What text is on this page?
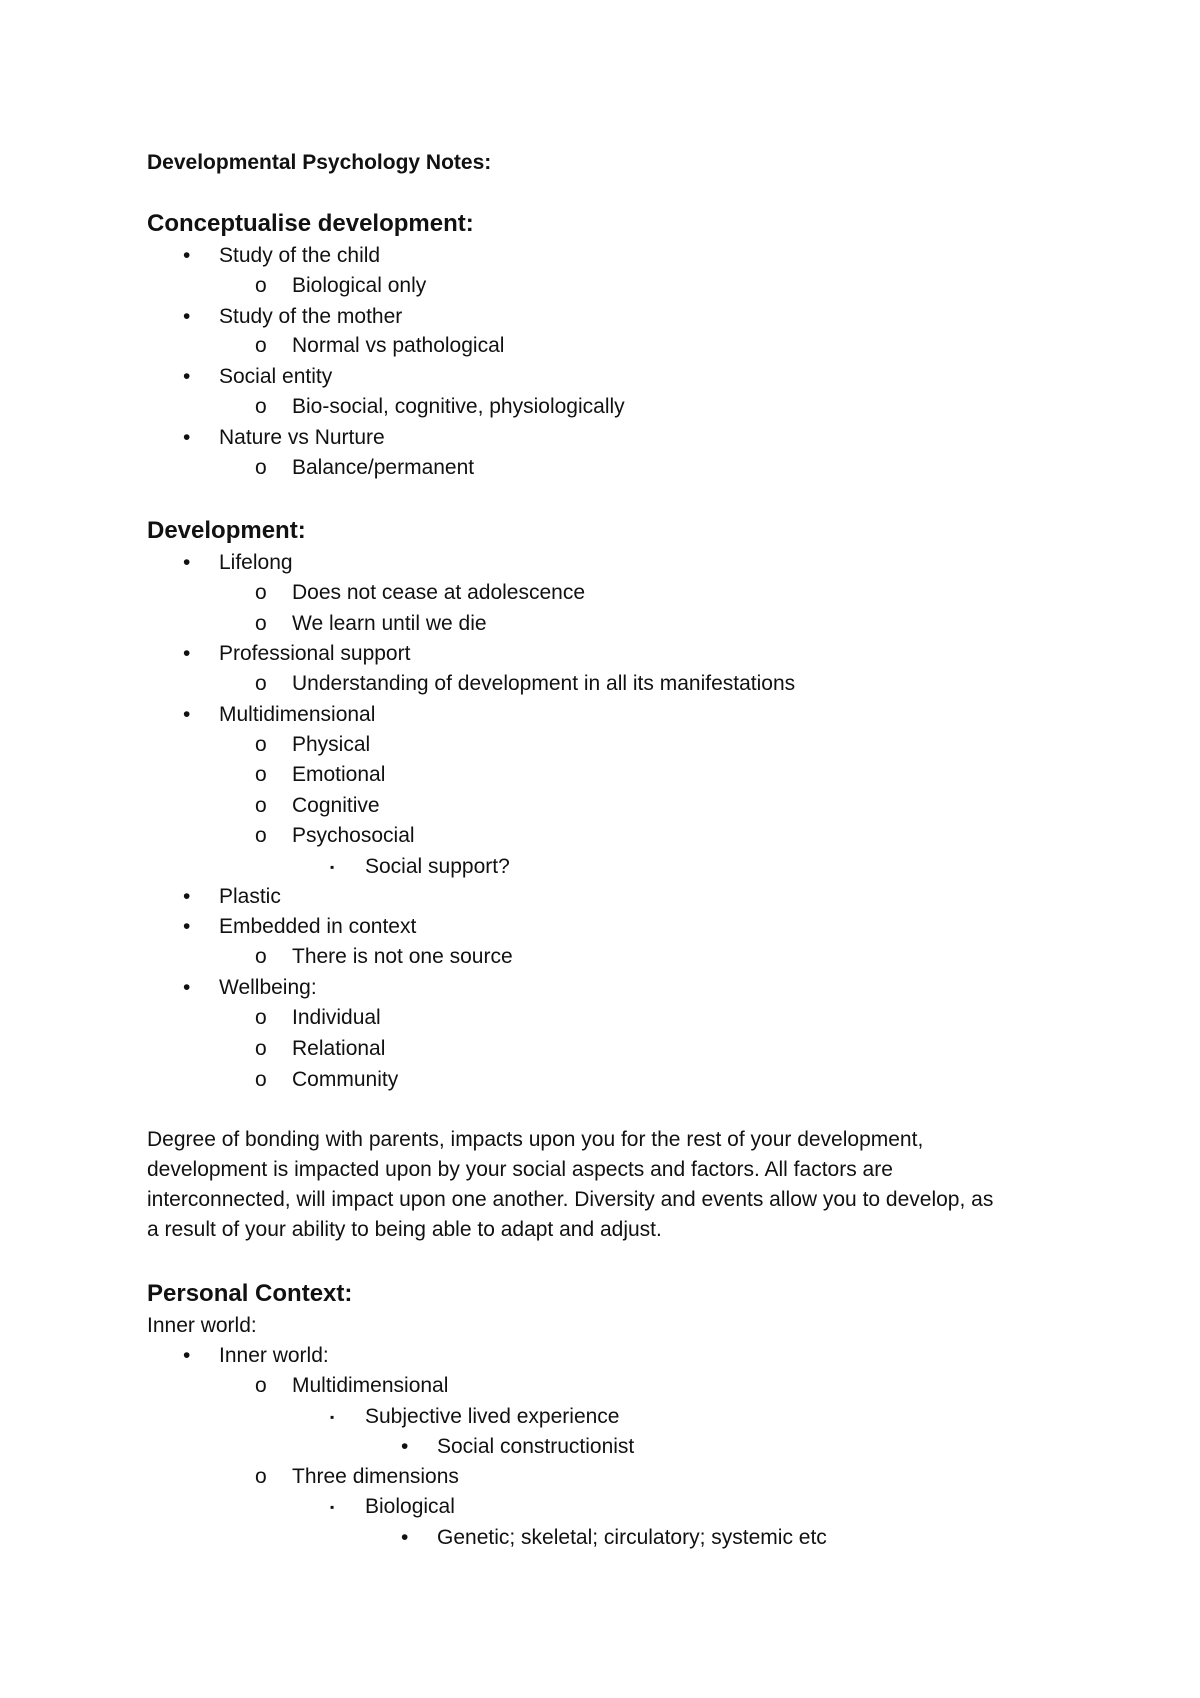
Developmental Psychology Notes:
Conceptualise development:
• Study of the child
o Biological only
• Study of the mother
o Normal vs pathological
• Social entity
o Bio-social, cognitive, physiologically
• Nature vs Nurture
o Balance/permanent
Development:
• Lifelong
o Does not cease at adolescence
o We learn until we die
• Professional support
o Understanding of development in all its manifestations
• Multidimensional
o Physical
o Emotional
o Cognitive
o Psychosocial
▪ Social support?
• Plastic
• Embedded in context
o There is not one source
• Wellbeing:
o Individual
o Relational
o Community
Degree of bonding with parents, impacts upon you for the rest of your development,
development is impacted upon by your social aspects and factors. All factors are
interconnected, will impact upon one another. Diversity and events allow you to develop, as
a result of your ability to being able to adapt and adjust.
Personal Context:
Inner world:
• Inner world:
o Multidimensional
▪ Subjective lived experience
• Social constructionist
o Three dimensions
▪ Biological
• Genetic; skeletal; circulatory; systemic etc
